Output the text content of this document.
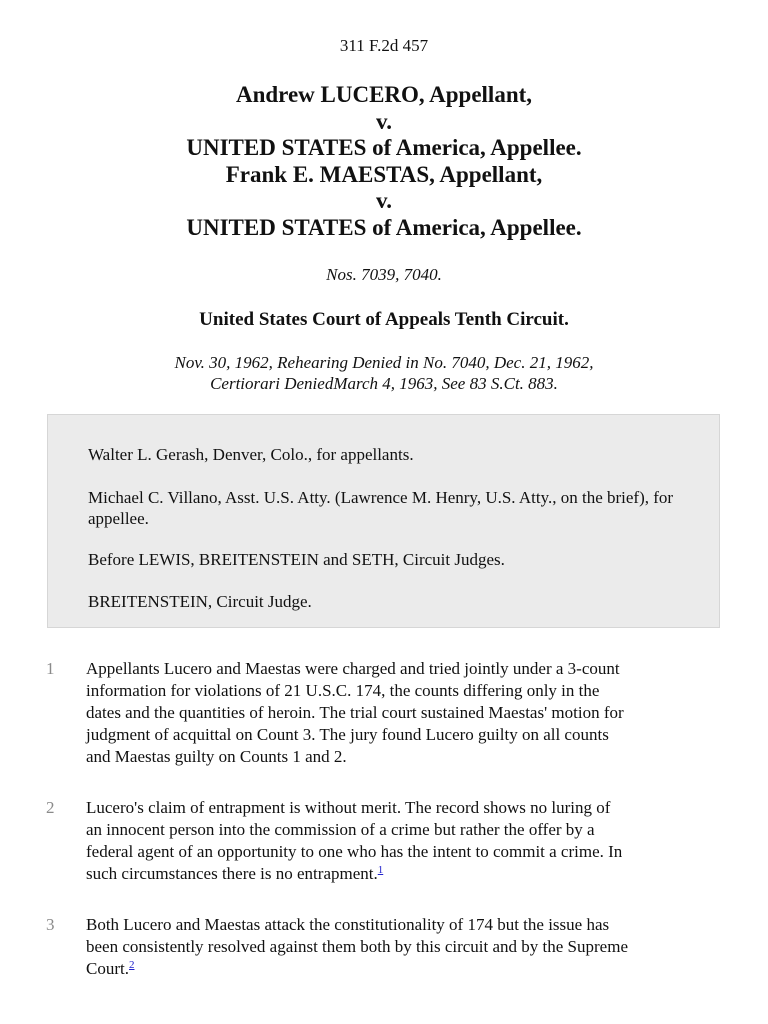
311 F.2d 457
Andrew LUCERO, Appellant,
v.
UNITED STATES of America, Appellee.
Frank E. MAESTAS, Appellant,
v.
UNITED STATES of America, Appellee.
Nos. 7039, 7040.
United States Court of Appeals Tenth Circuit.
Nov. 30, 1962, Rehearing Denied in No. 7040, Dec. 21, 1962,
Certiorari DeniedMarch 4, 1963, See 83 S.Ct. 883.

Walter L. Gerash, Denver, Colo., for appellants.

Michael C. Villano, Asst. U.S. Atty. (Lawrence M. Henry, U.S. Atty., on the brief), for appellee.

Before LEWIS, BREITENSTEIN and SETH, Circuit Judges.

BREITENSTEIN, Circuit Judge.

1 Appellants Lucero and Maestas were charged and tried jointly under a 3-count
information for violations of 21 U.S.C. 174, the counts differing only in the
dates and the quantities of heroin. The trial court sustained Maestas' motion for
judgment of acquittal on Count 3. The jury found Lucero guilty on all counts
and Maestas guilty on Counts 1 and 2.
2 Lucero's claim of entrapment is without merit. The record shows no luring of
an innocent person into the commission of a crime but rather the offer by a
federal agent of an opportunity to one who has the intent to commit a crime. In
such circumstances there is no entrapment.$^1$
3 Both Lucero and Maestas attack the constitutionality of 174 but the issue has
been consistently resolved against them both by this circuit and by the Supreme
Court.$^2$
